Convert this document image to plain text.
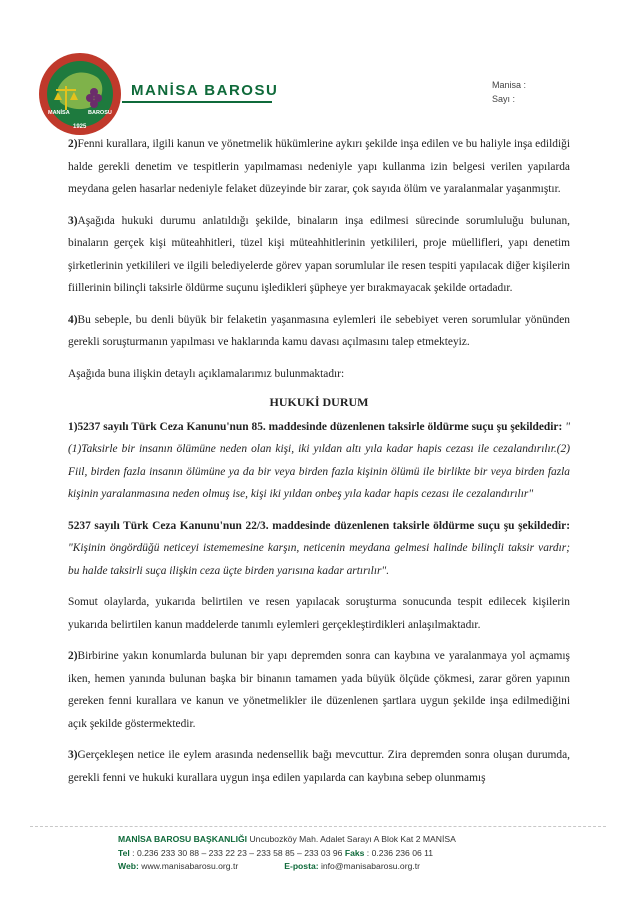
MANİSA	BAROSU
1925
MANİSA BAROSU	Manisa :
Sayı :

2)Fenni kurallara, ilgili kanun ve yönetmelik hükümlerine aykırı şekilde inşa edilen ve bu haliyle inşa edildiği halde gerekli denetim ve tespitlerin yapılmaması nedeniyle yapı kullanma izin belgesi verilen yapılarda meydana gelen hasarlar nedeniyle felaket düzeyinde bir zarar, çok sayıda ölüm ve yaralanmalar yaşanmıştır.

3)Aşağıda hukuki durumu anlatıldığı şekilde, binaların inşa edilmesi sürecinde sorumluluğu bulunan, binaların gerçek kişi müteahhitleri, tüzel kişi müteahhitlerinin yetkilileri, proje müellifleri, yapı denetim şirketlerinin yetkilileri ve ilgili belediyelerde görev yapan sorumlular ile resen tespiti yapılacak diğer kişilerin fiillerinin bilinçli taksirle öldürme suçunu işledikleri şüpheye yer bırakmayacak şekilde ortadadır.

4)Bu sebeple, bu denli büyük bir felaketin yaşanmasına eylemleri ile sebebiyet veren sorumlular yönünden gerekli soruşturmanın yapılması ve haklarında kamu davası açılmasını talep etmekteyiz.

Aşağıda buna ilişkin detaylı açıklamalarımız bulunmaktadır:

HUKUKİ DURUM

1)5237 sayılı Türk Ceza Kanunu'nun 85. maddesinde düzenlenen taksirle öldürme suçu şu şekildedir: "(1)Taksirle bir insanın ölümüne neden olan kişi, iki yıldan altı yıla kadar hapis cezası ile cezalandırılır.(2) Fiil, birden fazla insanın ölümüne ya da bir veya birden fazla kişinin ölümü ile birlikte bir veya birden fazla kişinin yaralanmasına neden olmuş ise, kişi iki yıldan onbeş yıla kadar hapis cezası ile cezalandırılır"

5237 sayılı Türk Ceza Kanunu'nun 22/3. maddesinde düzenlenen taksirle öldürme suçu şu şekildedir: "Kişinin öngördüğü neticeyi istememesine karşın, neticenin meydana gelmesi halinde bilinçli taksir vardır; bu halde taksirli suça ilişkin ceza üçte birden yarısına kadar artırılır".

Somut olaylarda, yukarıda belirtilen ve resen yapılacak soruşturma sonucunda tespit edilecek kişilerin yukarıda belirtilen kanun maddelerde tanımlı eylemleri gerçekleştirdikleri anlaşılmaktadır.

2)Birbirine yakın konumlarda bulunan bir yapı depremden sonra can kaybına ve yaralanmaya yol açmamış iken, hemen yanında bulunan başka bir binanın tamamen yada büyük ölçüde çökmesi, zarar gören yapının gereken fenni kurallara ve kanun ve yönetmelikler ile düzenlenen şartlara uygun şekilde inşa edilmediğini açık şekilde göstermektedir.

3)Gerçekleşen netice ile eylem arasında nedensellik bağı mevcuttur. Zira depremden sonra oluşan durumda, gerekli fenni ve hukuki kurallara uygun inşa edilen yapılarda can kaybına sebep olunmamış

MANİSA BAROSU BAŞKANLIĞI Uncubozköy Mah. Adalet Sarayı A Blok Kat 2 MANİSA
Tel : 0.236 233 30 88 – 233 22 23 – 233 58 85 – 233 03 96 Faks : 0.236 236 06 11
Web: www.manisabarosu.org.tr	E-posta: info@manisabarosu.org.tr
